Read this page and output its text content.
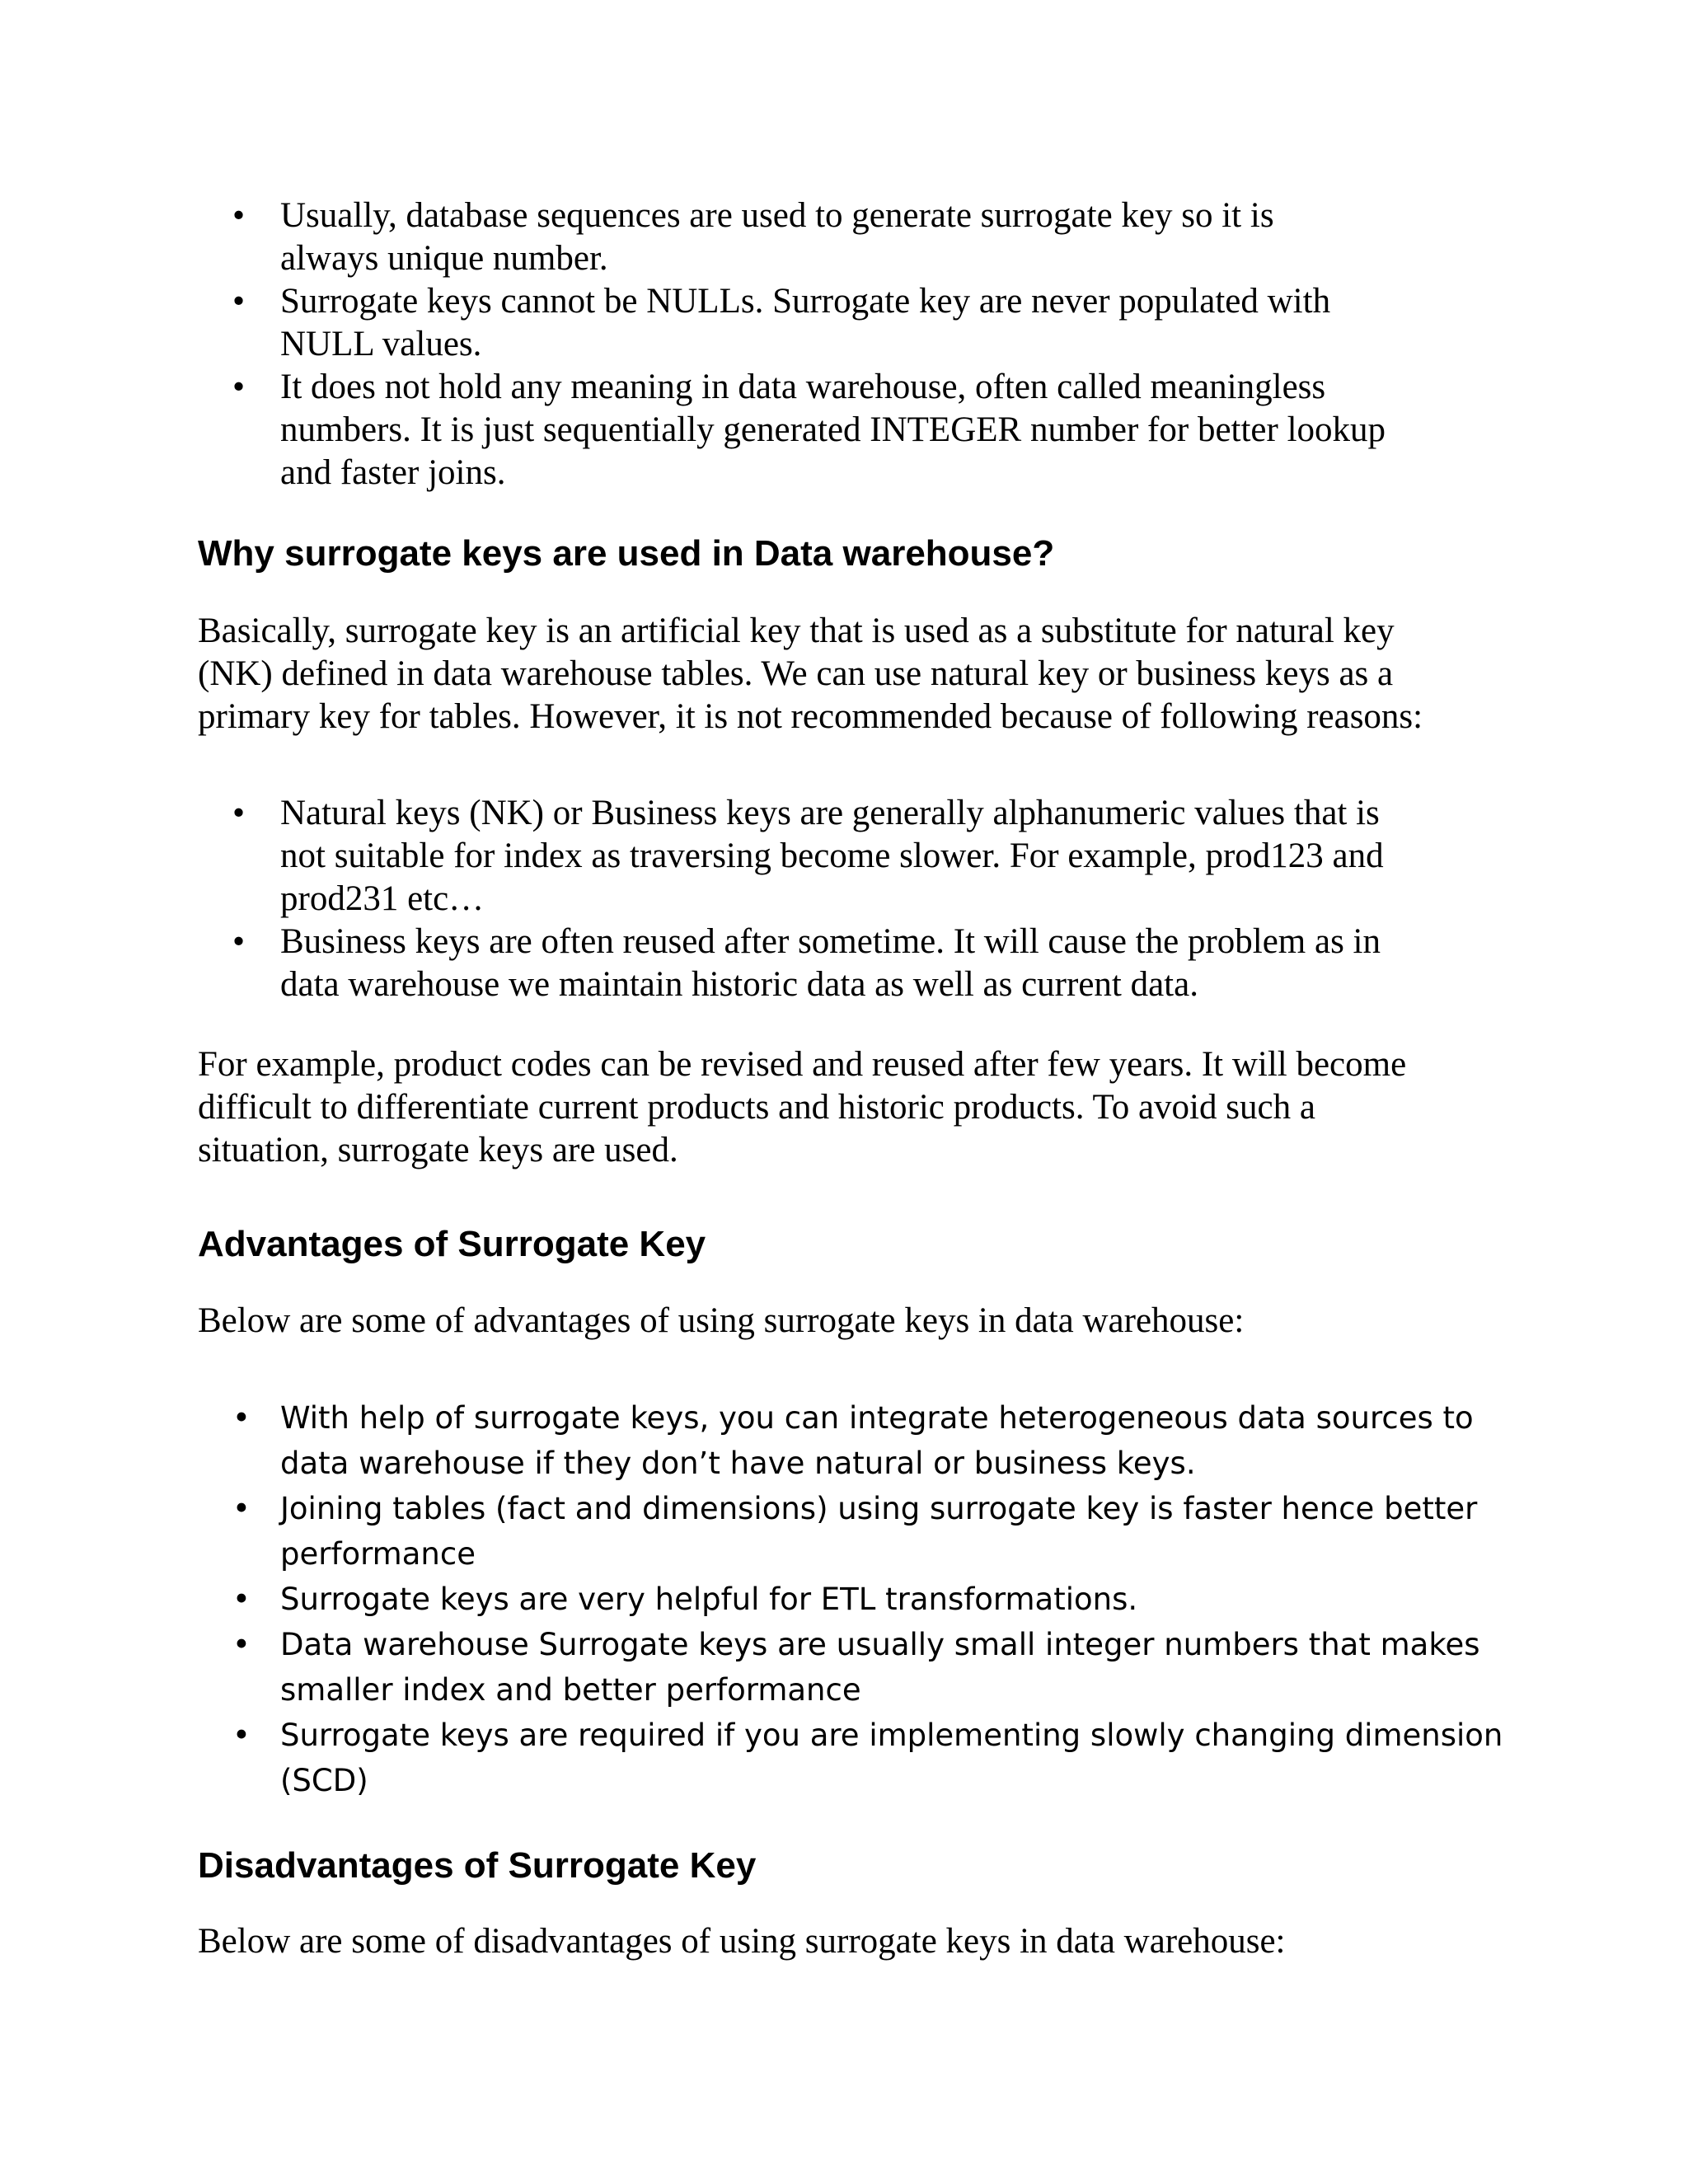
• Usually, database sequences are used to generate surrogate key so it is
always unique number.
• Surrogate keys cannot be NULLs. Surrogate key are never populated with
NULL values.
• It does not hold any meaning in data warehouse, often called meaningless
numbers. It is just sequentially generated INTEGER number for better lookup
and faster joins.
Why surrogate keys are used in Data warehouse?

Basically, surrogate key is an artificial key that is used as a substitute for natural key
(NK) defined in data warehouse tables. We can use natural key or business keys as a
primary key for tables. However, it is not recommended because of following reasons:

• Natural keys (NK) or Business keys are generally alphanumeric values that is
not suitable for index as traversing become slower. For example, prod123 and
prod231 etc…
• Business keys are often reused after sometime. It will cause the problem as in
data warehouse we maintain historic data as well as current data.

For example, product codes can be revised and reused after few years. It will become
difficult to differentiate current products and historic products. To avoid such a
situation, surrogate keys are used.

Advantages of Surrogate Key

Below are some of advantages of using surrogate keys in data warehouse:

• With help of surrogate keys, you can integrate heterogeneous data sources to
data warehouse if they don’t have natural or business keys.
• Joining tables (fact and dimensions) using surrogate key is faster hence better
performance
• Surrogate keys are very helpful for ETL transformations.
• Data warehouse Surrogate keys are usually small integer numbers that makes
smaller index and better performance
• Surrogate keys are required if you are implementing slowly changing dimension
(SCD)
Disadvantages of Surrogate Key

Below are some of disadvantages of using surrogate keys in data warehouse:
